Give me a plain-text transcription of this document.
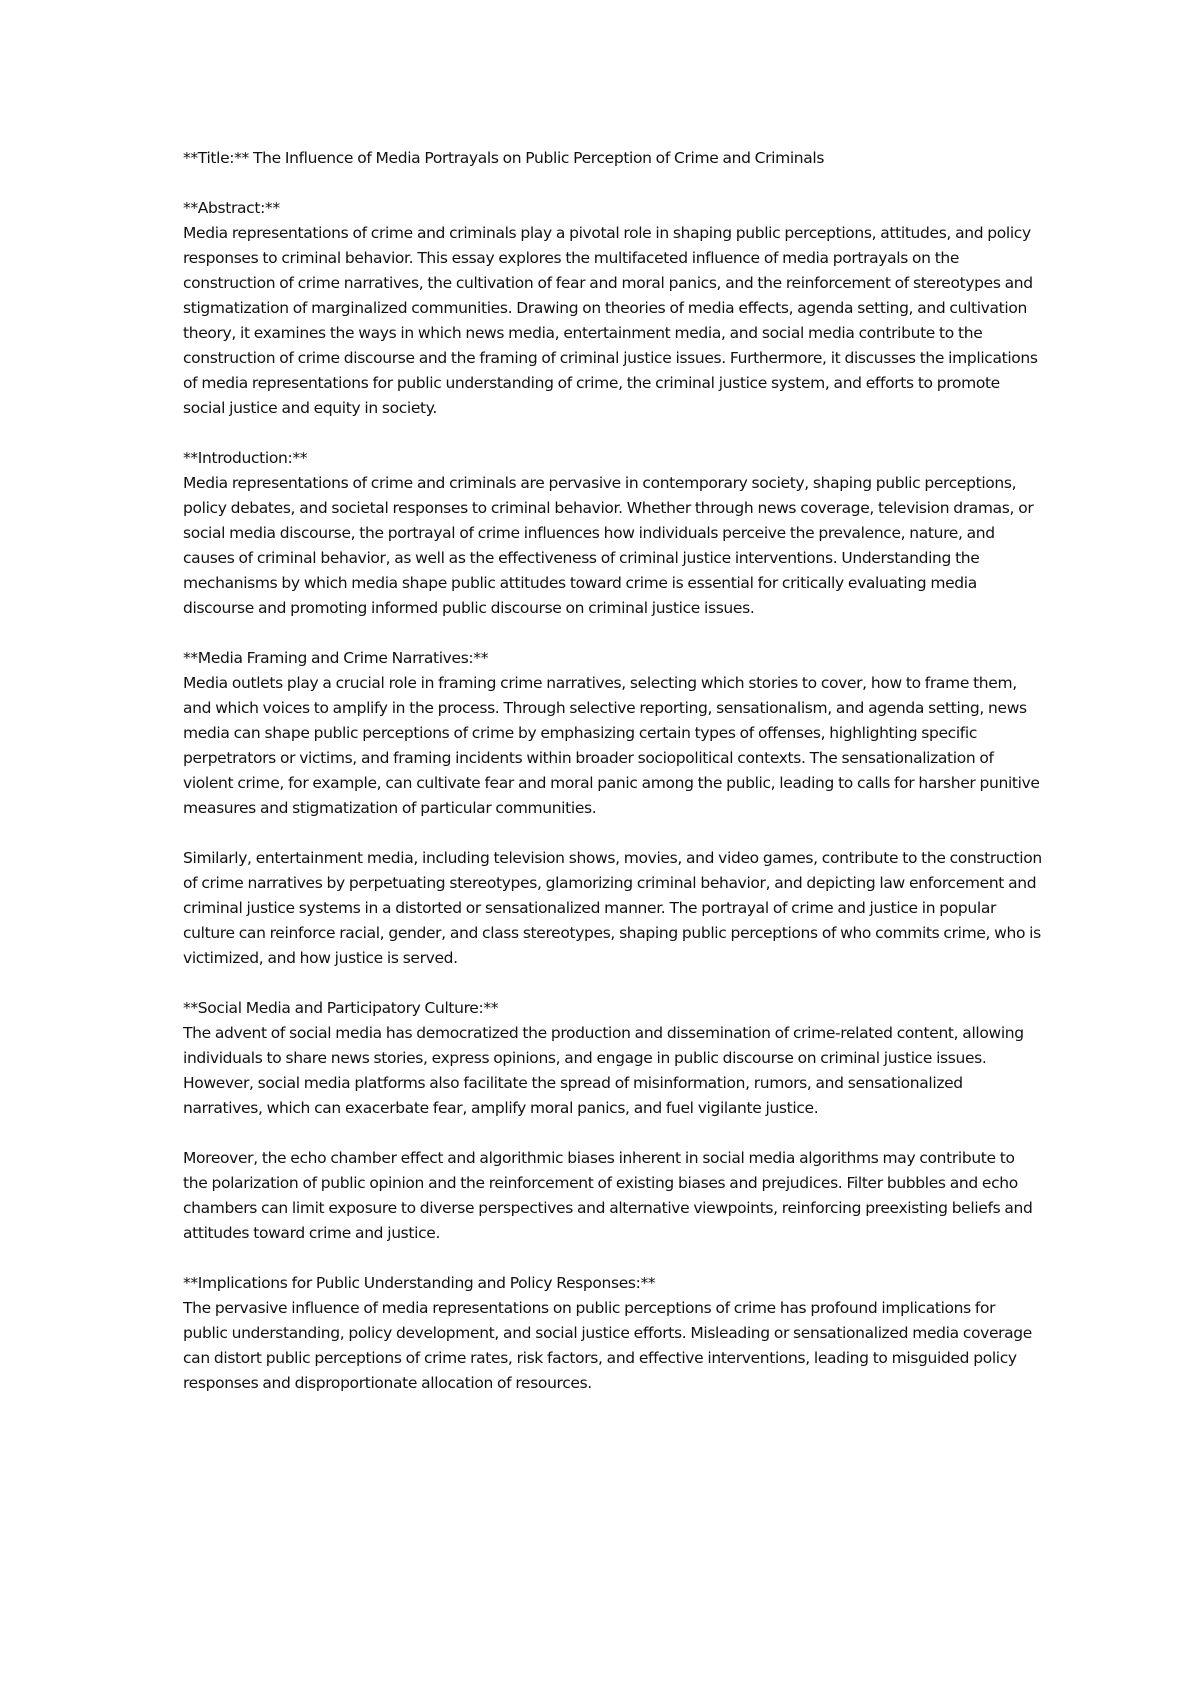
**Title:** The Influence of Media Portrayals on Public Perception of Crime and Criminals

**Abstract:**
Media representations of crime and criminals play a pivotal role in shaping public perceptions, attitudes, and policy responses to criminal behavior. This essay explores the multifaceted influence of media portrayals on the construction of crime narratives, the cultivation of fear and moral panics, and the reinforcement of stereotypes and stigmatization of marginalized communities. Drawing on theories of media effects, agenda setting, and cultivation theory, it examines the ways in which news media, entertainment media, and social media contribute to the construction of crime discourse and the framing of criminal justice issues. Furthermore, it discusses the implications of media representations for public understanding of crime, the criminal justice system, and efforts to promote social justice and equity in society.
**Introduction:**
Media representations of crime and criminals are pervasive in contemporary society, shaping public perceptions, policy debates, and societal responses to criminal behavior. Whether through news coverage, television dramas, or social media discourse, the portrayal of crime influences how individuals perceive the prevalence, nature, and causes of criminal behavior, as well as the effectiveness of criminal justice interventions. Understanding the mechanisms by which media shape public attitudes toward crime is essential for critically evaluating media discourse and promoting informed public discourse on criminal justice issues.
**Media Framing and Crime Narratives:**
Media outlets play a crucial role in framing crime narratives, selecting which stories to cover, how to frame them, and which voices to amplify in the process. Through selective reporting, sensationalism, and agenda setting, news media can shape public perceptions of crime by emphasizing certain types of offenses, highlighting specific perpetrators or victims, and framing incidents within broader sociopolitical contexts. The sensationalization of violent crime, for example, can cultivate fear and moral panic among the public, leading to calls for harsher punitive measures and stigmatization of particular communities.
Similarly, entertainment media, including television shows, movies, and video games, contribute to the construction of crime narratives by perpetuating stereotypes, glamorizing criminal behavior, and depicting law enforcement and criminal justice systems in a distorted or sensationalized manner. The portrayal of crime and justice in popular culture can reinforce racial, gender, and class stereotypes, shaping public perceptions of who commits crime, who is victimized, and how justice is served.
**Social Media and Participatory Culture:**
The advent of social media has democratized the production and dissemination of crime-related content, allowing individuals to share news stories, express opinions, and engage in public discourse on criminal justice issues. However, social media platforms also facilitate the spread of misinformation, rumors, and sensationalized narratives, which can exacerbate fear, amplify moral panics, and fuel vigilante justice.
Moreover, the echo chamber effect and algorithmic biases inherent in social media algorithms may contribute to the polarization of public opinion and the reinforcement of existing biases and prejudices. Filter bubbles and echo chambers can limit exposure to diverse perspectives and alternative viewpoints, reinforcing preexisting beliefs and attitudes toward crime and justice.
**Implications for Public Understanding and Policy Responses:**
The pervasive influence of media representations on public perceptions of crime has profound implications for public understanding, policy development, and social justice efforts. Misleading or sensationalized media coverage can distort public perceptions of crime rates, risk factors, and effective interventions, leading to misguided policy responses and disproportionate allocation of resources.
